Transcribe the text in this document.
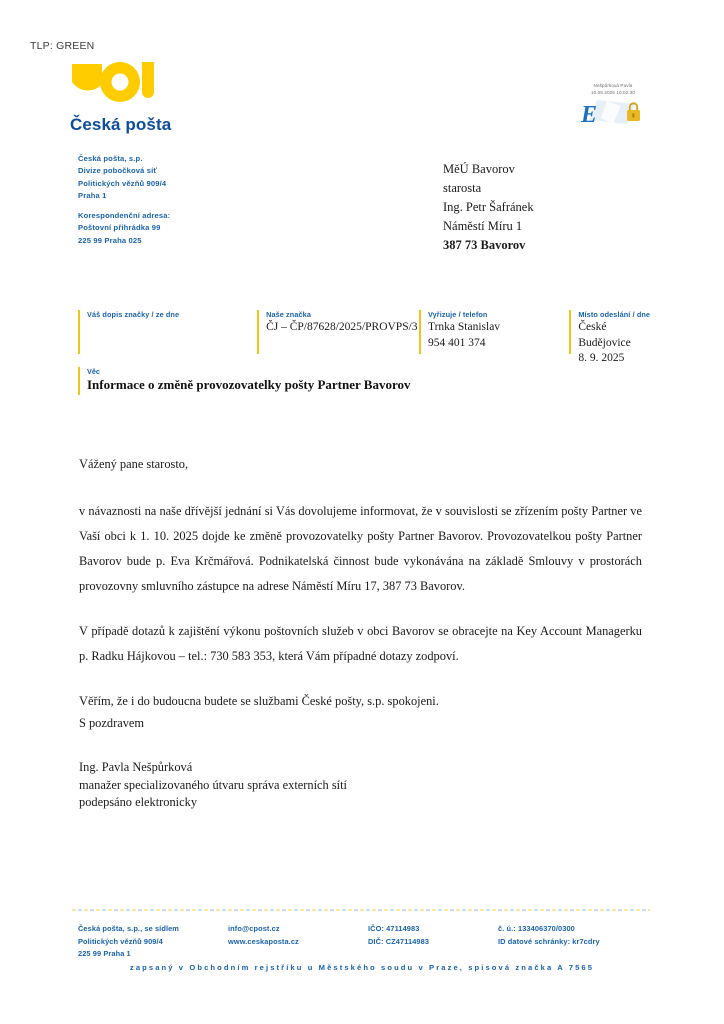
TLP: GREEN
Česká pošta
Nešpůrková Pavla
10.09.2025 10:02:30
E
Česká pošta, s.p.
Divize pobočková síť
Politických vězňů 909/4
Praha 1
Korespondenční adresa:
Poštovní přihrádka 99
225 99 Praha 025
MěÚ Bavorov
starosta
Ing. Petr Šafránek
Náměstí Míru 1
387 73 Bavorov
Váš dopis značky / ze dne	Naše značka
ČJ – ČP/87628/2025/PROVPS/3
Vyřizuje / telefon
Trnka Stanislav
954 401 374
Místo odeslání / dne
České Budějovice
8. 9. 2025
Věc
Informace o změně provozovatelky pošty Partner Bavorov

Vážený pane starosto,

v návaznosti na naše dřívější jednání si Vás dovolujeme informovat, že v souvislosti se zřízením pošty Partner ve Vaší obci k 1. 10. 2025 dojde ke změně provozovatelky pošty Partner Bavorov. Provozovatelkou pošty Partner Bavorov bude p. Eva Krčmářová. Podnikatelská činnost bude vykonávána na základě Smlouvy v prostorách provozovny smluvního zástupce na adrese Náměstí Míru 17, 387 73 Bavorov.

V případě dotazů k zajištění výkonu poštovních služeb v obci Bavorov se obracejte na Key Account Managerku p. Radku Hájkovou – tel.: 730 583 353, která Vám případné dotazy zodpoví.

Věřím, že i do budoucna budete se službami České pošty, s.p. spokojeni.

S pozdravem
Ing. Pavla Nešpůrková
manažer specializovaného útvaru správa externích sítí
podepsáno elektronicky
Česká pošta, s.p., se sídlem
Politických vězňů 909/4
225 99 Praha 1
info@cpost.cz
www.ceskaposta.cz
IČO: 47114983
DIČ: CZ47114983
č. ú.: 133406370/0300
ID datové schránky: kr7cdry
zapsaný v Obchodním rejstříku u Městského soudu v Praze, spisová značka A 7565
